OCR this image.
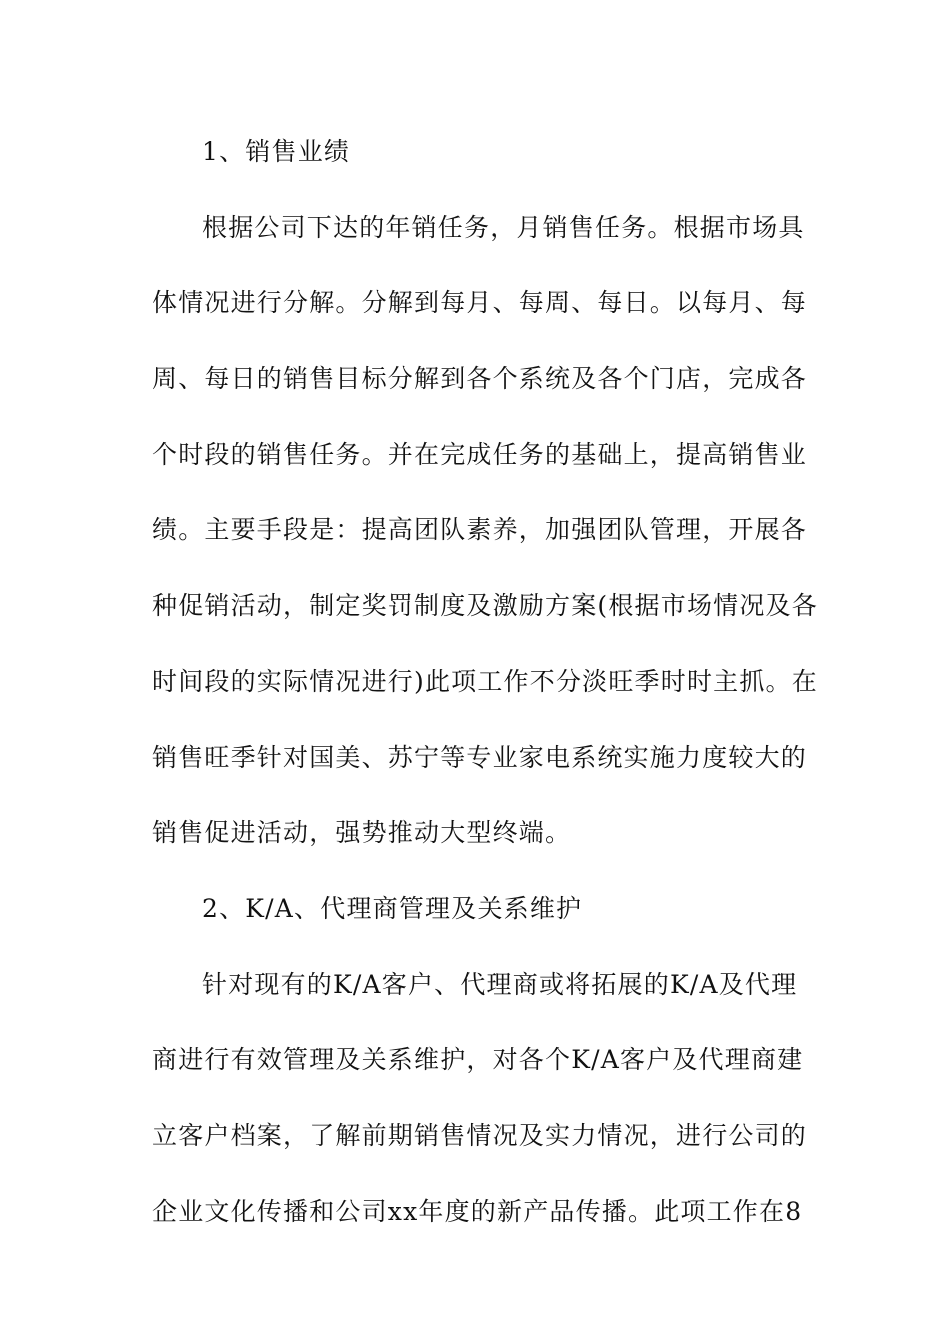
1、销售业绩
根据公司下达的年销任务，月销售任务。根据市场具
体情况进行分解。分解到每月、每周、每日。以每月、每
周、每日的销售目标分解到各个系统及各个门店，完成各
个时段的销售任务。并在完成任务的基础上，提高销售业
绩。主要手段是：提高团队素养，加强团队管理，开展各
种促销活动，制定奖罚制度及激励方案(根据市场情况及各
时间段的实际情况进行)此项工作不分淡旺季时时主抓。在
销售旺季针对国美、苏宁等专业家电系统实施力度较大的
销售促进活动，强势推动大型终端。
2、K/A、代理商管理及关系维护
针对现有的K/A客户、代理商或将拓展的K/A及代理
商进行有效管理及关系维护，对各个K/A客户及代理商建
立客户档案，了解前期销售情况及实力情况，进行公司的
企业文化传播和公司xx年度的新产品传播。此项工作在8
